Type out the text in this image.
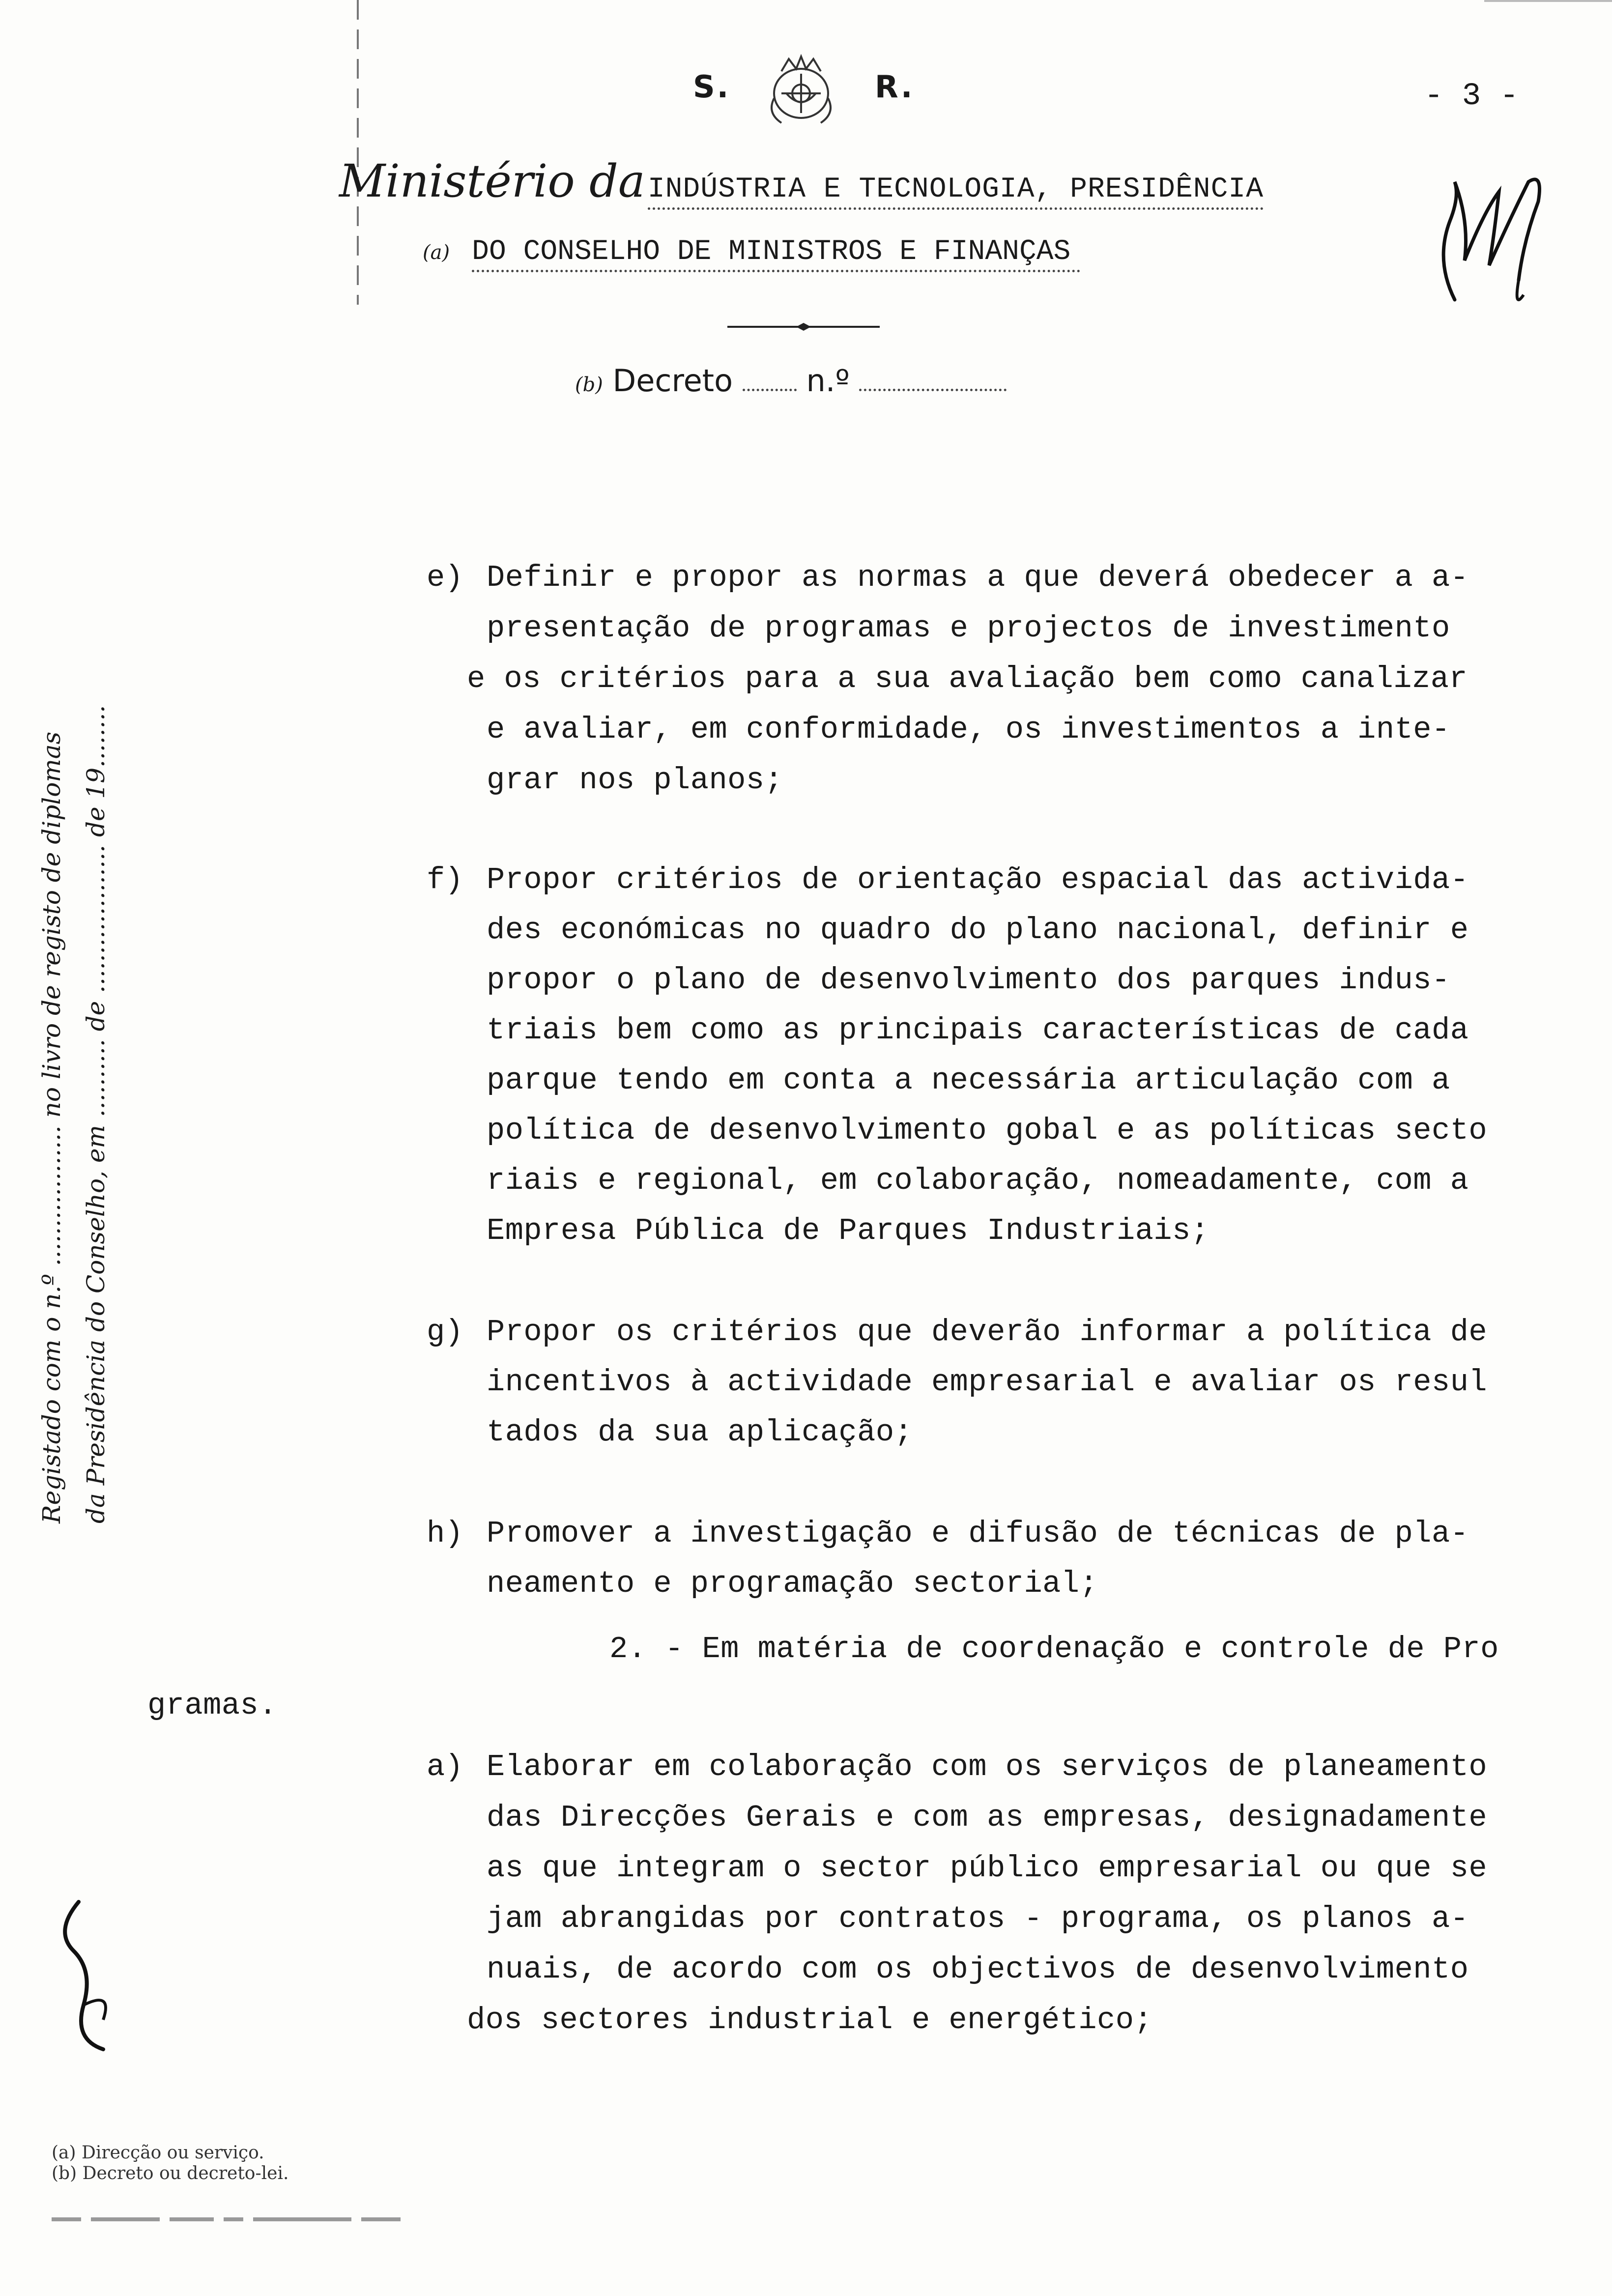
S.	R.	- 3 -
Ministério da INDÚSTRIA E TECNOLOGIA, PRESIDÊNCIA
(a) DO CONSELHO DE MINISTROS E FINANÇAS
(b) Decreto n.º
Registado com o n.º .................. no livro de registo de diplomas da Presidência do Conselho, em .......... de ................... de 19........
e) Definir e propor as normas a que deverá obedecer a a-
presentação de programas e projectos de investimento
e os critérios para a sua avaliação bem como canalizar
e avaliar, em conformidade, os investimentos a inte-
grar nos planos;
f) Propor critérios de orientação espacial das activida-
des económicas no quadro do plano nacional, definir e
propor o plano de desenvolvimento dos parques indus-
triais bem como as principais características de cada
parque tendo em conta a necessária articulação com a
política de desenvolvimento gobal e as políticas secto
riais e regional, em colaboração, nomeadamente, com a
Empresa Pública de Parques Industriais;
g) Propor os critérios que deverão informar a política de
incentivos à actividade empresarial e avaliar os resul
tados da sua aplicação;
h) Promover a investigação e difusão de técnicas de pla-
neamento e programação sectorial;
2. - Em matéria de coordenação e controle de Pro
gramas.
a) Elaborar em colaboração com os serviços de planeamento
das Direcções Gerais e com as empresas, designadamente
as que integram o sector público empresarial ou que se
jam abrangidas por contratos - programa, os planos a-
nuais, de acordo com os objectivos de desenvolvimento
dos sectores industrial e energético;
(a) Direcção ou serviço.
(b) Decreto ou decreto-lei.
